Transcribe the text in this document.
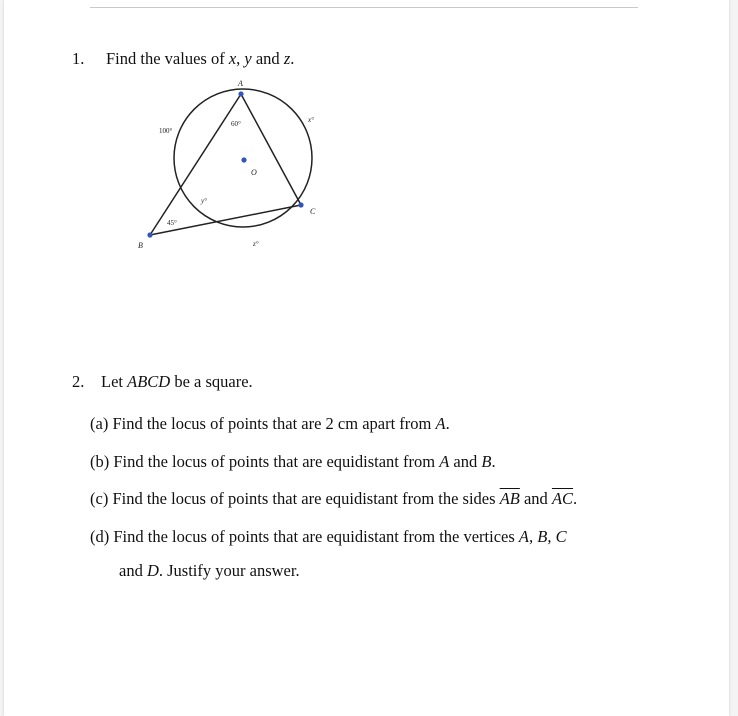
1. Find the values of x, y and z.
A
B
C
O
100°
60°	x°
y°
45°
z°
2. Let ABCD be a square.
(a) Find the locus of points that are 2 cm apart from A.
(b) Find the locus of points that are equidistant from A and B.
(c) Find the locus of points that are equidistant from the sides $\overline{AB}$ and $\overline{AC}$.
(d) Find the locus of points that are equidistant from the vertices A, B, C
and D. Justify your answer.
